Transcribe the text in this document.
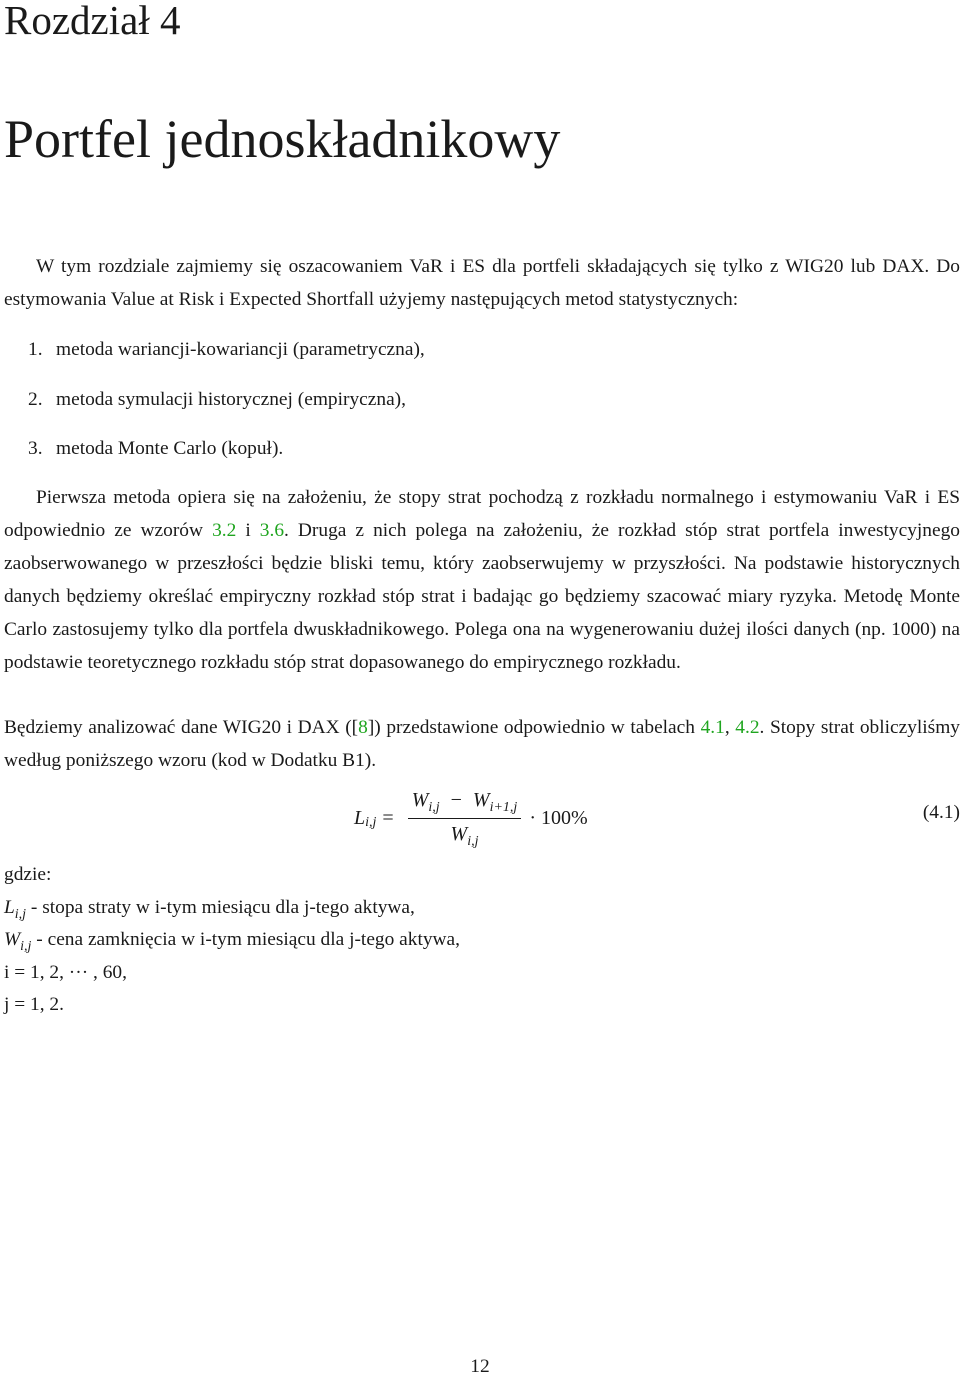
Rozdział 4
Portfel jednoskładnikowy

W tym rozdziale zajmiemy się oszacowaniem VaR i ES dla portfeli składających się tylko z WIG20 lub DAX. Do estymowania Value at Risk i Expected Shortfall użyjemy następujących metod statystycznych:

1. metoda wariancji-kowariancji (parametryczna),
2. metoda symulacji historycznej (empiryczna),
3. metoda Monte Carlo (kopuł).

Pierwsza metoda opiera się na założeniu, że stopy strat pochodzą z rozkładu normalnego i estymowaniu VaR i ES odpowiednio ze wzorów 3.2 i 3.6. Druga z nich polega na założeniu, że rozkład stóp strat portfela inwestycyjnego zaobserwowanego w przeszłości będzie bliski temu, który zaobserwujemy w przyszłości. Na podstawie historycznych danych będziemy określać empiryczny rozkład stóp strat i badając go będziemy szacować miary ryzyka. Metodę Monte Carlo zastosujemy tylko dla portfela dwuskładnikowego. Polega ona na wygenerowaniu dużej ilości danych (np. 1000) na podstawie teoretycznego rozkładu stóp strat dopasowanego do empirycznego rozkładu.

Będziemy analizować dane WIG20 i DAX ([8]) przedstawione odpowiednio w tabelach 4.1, 4.2. Stopy strat obliczyliśmy według poniższego wzoru (kod w Dodatku B1).

L $i,j = \frac{W_{i,j} - W_{i+1,j}}{W_{i,j}} \cdot 100\%$	(4.1)
gdzie:
$L_{i,j}$ - stopa straty w i-tym miesiącu dla j-tego aktywa,
$W_{i,j}$ - cena zamknięcia w i-tym miesiącu dla j-tego aktywa,
i = 1, 2, ··· , 60,
j = 1, 2.
12
